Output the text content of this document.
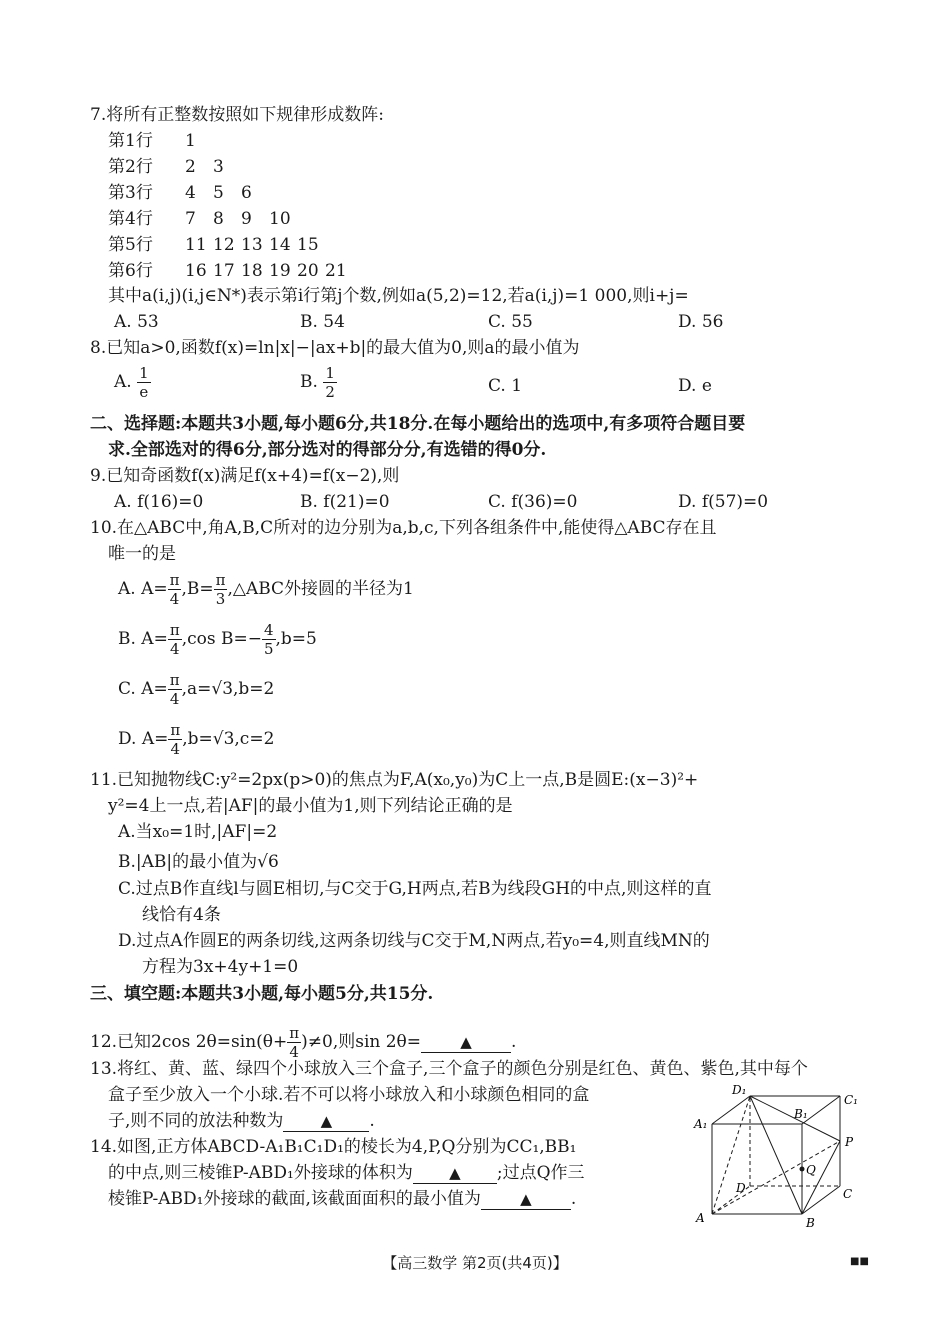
7.将所有正整数按照如下规律形成数阵:
第1行 1
第2行 2 3
第3行 4 5 6
第4行 7 8 9 10
第5行 11 12 13 14 15
第6行 16 17 18 19 20 21
其中a(i,j)(i,j∈N*)表示第i行第j个数,例如a(5,2)=12,若a(i,j)=1 000,则i+j=
A. 53	B. 54	C. 55	D. 56
8.已知a>0,函数f(x)=ln|x|−|ax+b|的最大值为0,则a的最小值为
A. $\frac{1}{e}$	B. $\frac{1}{2}$	C. 1	D. e
二、选择题:本题共3小题,每小题6分,共18分.在每小题给出的选项中,有多项符合题目要
求.全部选对的得6分,部分选对的得部分分,有选错的得0分.
9.已知奇函数f(x)满足f(x+4)=f(x−2),则
A. f(16)=0	B. f(21)=0	C. f(36)=0	D. f(57)=0
10.在△ABC中,角A,B,C所对的边分别为a,b,c,下列各组条件中,能使得△ABC存在且
唯一的是
A. $A= \frac{\pi}{4} ,B= \frac{\pi}{3}$ ,△ABC外接圆的半径为1
B. $A= \frac{\pi}{4} ,\cos$ $B=- \frac{4}{5} ,b=5$
C. $A= \frac{\pi}{4} ,a=√3,b=2$
D. $A= \frac{\pi}{4} ,b=√3,c=2$
11.已知抛物线C:y²=2px(p>0)的焦点为F,A(x₀,y₀)为C上一点,B是圆E:(x−3)²+
y²=4上一点,若|AF|的最小值为1,则下列结论正确的是
A.当x₀=1时,|AF|=2
B.|AB|的最小值为√6
C.过点B作直线l与圆E相切,与C交于G,H两点,若B为线段GH的中点,则这样的直
线恰有4条
D.过点A作圆E的两条切线,这两条切线与C交于M,N两点,若y₀=4,则直线MN的
方程为3x+4y+1=0
三、填空题:本题共3小题,每小题5分,共15分.
12.已知2cos $2\theta=\sin(\theta+ \frac{\pi}{4} )\ne 0$,则sin 2θ=	▲ .
13.将红、黄、蓝、绿四个小球放入三个盒子,三个盒子的颜色分别是红色、黄色、紫色,其中每个
盒子至少放入一个小球.若不可以将小球放入和小球颜色相同的盒
子,则不同的放法种数为 ▲ .
14.如图,正方体ABCD-A₁B₁C₁D₁的棱长为4,P,Q分别为CC₁,BB₁
的中点,则三棱锥P-ABD₁外接球的体积为 ▲ ;过点Q作三
棱锥P-ABD₁外接球的截面,该截面面积的最小值为	▲ .
A	B
C
D
A₁
B₁
C₁
D₁
P
Q
【高三数学 第2页(共4页)】	■■
